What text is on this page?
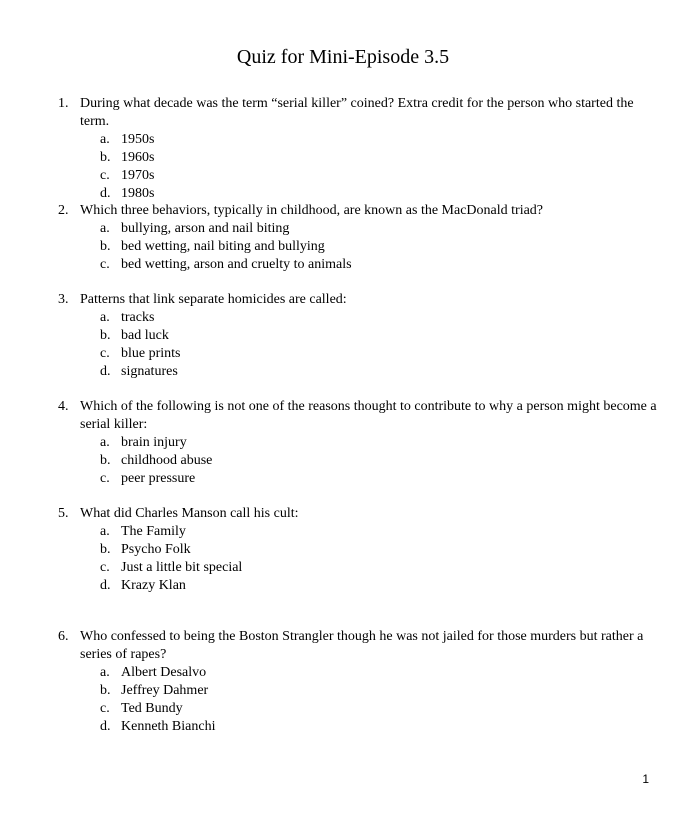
Quiz for Mini-Episode 3.5
1. During what decade was the term “serial killer” coined? Extra credit for the person who started the term.
a. 1950s
b. 1960s
c. 1970s
d. 1980s
2. Which three behaviors, typically in childhood, are known as the MacDonald triad?
a. bullying, arson and nail biting
b. bed wetting, nail biting and bullying
c. bed wetting, arson and cruelty to animals
3. Patterns that link separate homicides are called:
a. tracks
b. bad luck
c. blue prints
d. signatures
4. Which of the following is not one of the reasons thought to contribute to why a person might become a serial killer:
a. brain injury
b. childhood abuse
c. peer pressure
5. What did Charles Manson call his cult:
a. The Family
b. Psycho Folk
c. Just a little bit special
d. Krazy Klan
6. Who confessed to being the Boston Strangler though he was not jailed for those murders but rather a series of rapes?
a. Albert Desalvo
b. Jeffrey Dahmer
c. Ted Bundy
d. Kenneth Bianchi
1
